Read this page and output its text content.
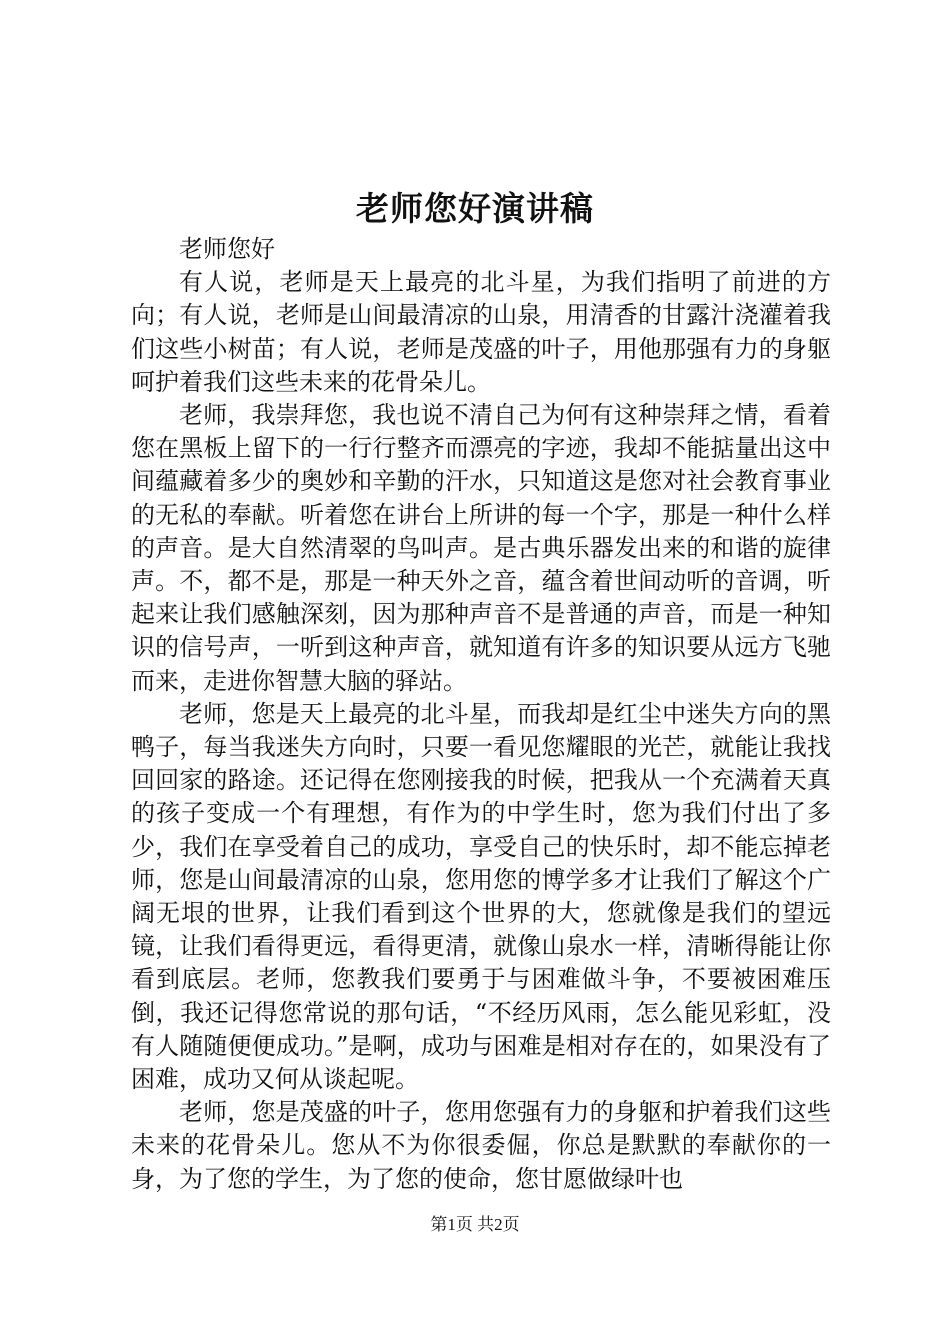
老师您好演讲稿

老师您好

有人说，老师是天上最亮的北斗星，为我们指明了前进的方向；有人说，老师是山间最清凉的山泉，用清香的甘露汁浇灌着我们这些小树苗；有人说，老师是茂盛的叶子，用他那强有力的身躯呵护着我们这些未来的花骨朵儿。

老师，我崇拜您，我也说不清自己为何有这种崇拜之情，看着您在黑板上留下的一行行整齐而漂亮的字迹，我却不能掂量出这中间蕴藏着多少的奥妙和辛勤的汗水，只知道这是您对社会教育事业的无私的奉献。听着您在讲台上所讲的每一个字，那是一种什么样的声音。是大自然清翠的鸟叫声。是古典乐器发出来的和谐的旋律声。不，都不是，那是一种天外之音，蕴含着世间动听的音调，听起来让我们感触深刻，因为那种声音不是普通的声音，而是一种知识的信号声，一听到这种声音，就知道有许多的知识要从远方飞驰而来，走进你智慧大脑的驿站。

老师，您是天上最亮的北斗星，而我却是红尘中迷失方向的黑鸭子，每当我迷失方向时，只要一看见您耀眼的光芒，就能让我找回回家的路途。还记得在您刚接我的时候，把我从一个充满着天真的孩子变成一个有理想，有作为的中学生时，您为我们付出了多少，我们在享受着自己的成功，享受自己的快乐时，却不能忘掉老师，您是山间最清凉的山泉，您用您的博学多才让我们了解这个广阔无垠的世界，让我们看到这个世界的大，您就像是我们的望远镜，让我们看得更远，看得更清，就像山泉水一样，清晰得能让你看到底层。老师，您教我们要勇于与困难做斗争，不要被困难压倒，我还记得您常说的那句话，“不经历风雨，怎么能见彩虹，没有人随随便便成功。”是啊，成功与困难是相对存在的，如果没有了困难，成功又何从谈起呢。

老师，您是茂盛的叶子，您用您强有力的身躯和护着我们这些未来的花骨朵儿。您从不为你很委倔，你总是默默的奉献你的一身，为了您的学生，为了您的使命，您甘愿做绿叶也

第1页 共2页
